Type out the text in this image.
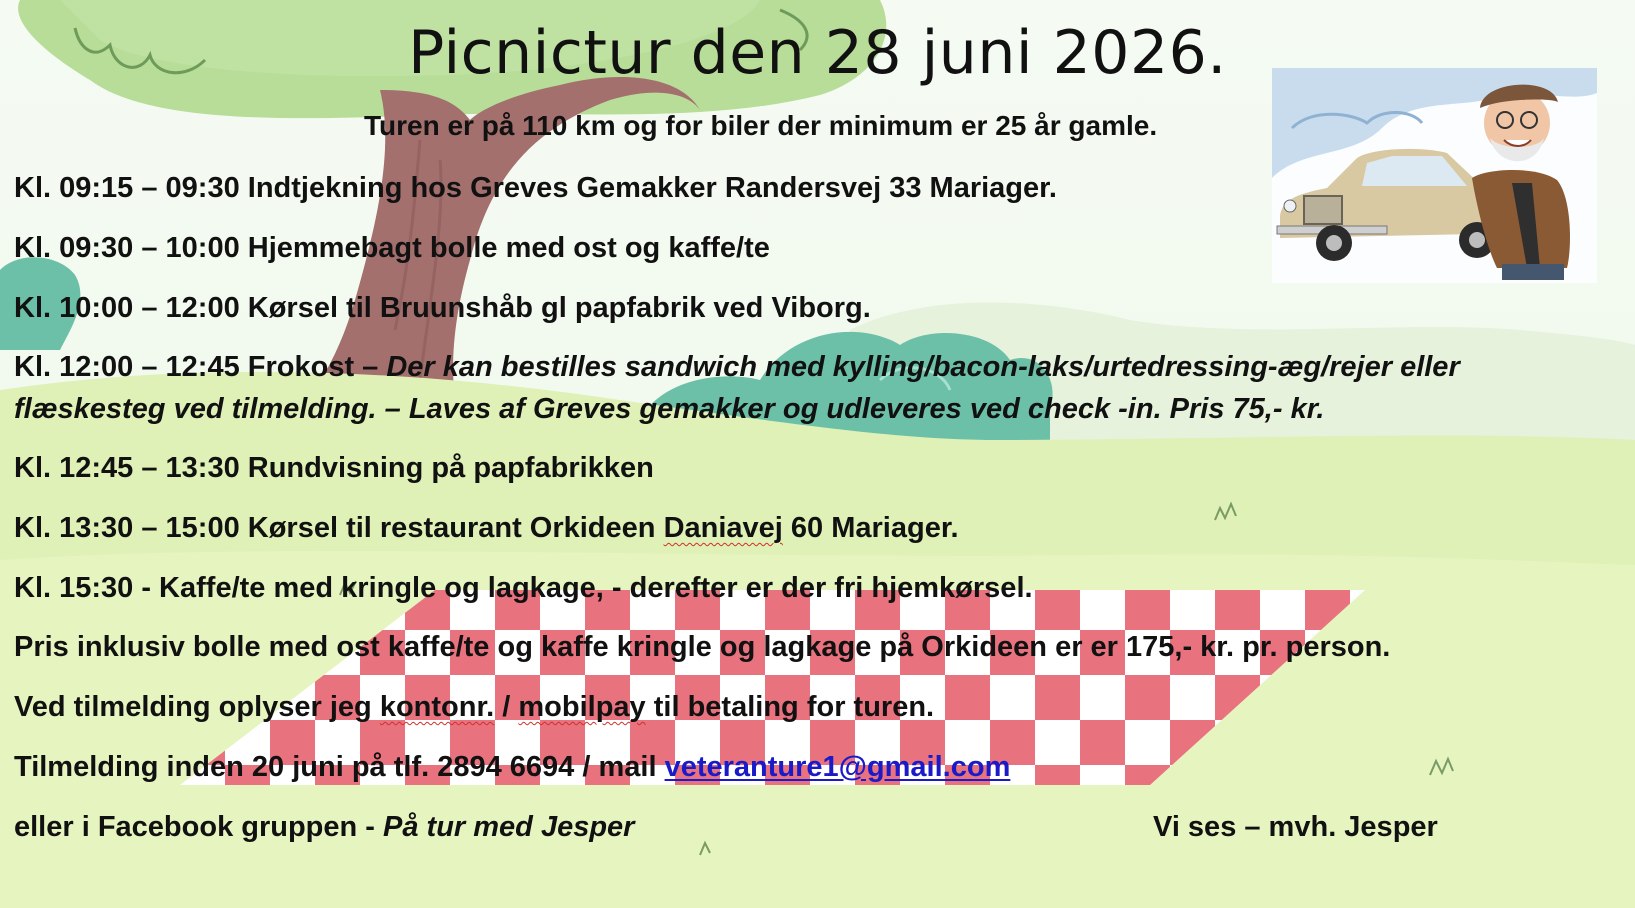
Picnictur den 28 juni 2026.
Turen er på 110 km og for biler der minimum er 25 år gamle.
Kl. 09:15 – 09:30 Indtjekning hos Greves Gemakker Randersvej 33 Mariager.
Kl. 09:30 – 10:00 Hjemmebagt bolle med ost og kaffe/te
Kl. 10:00 – 12:00 Kørsel til Bruunshåb gl papfabrik ved Viborg.
Kl. 12:00 – 12:45 Frokost – Der kan bestilles sandwich med kylling/bacon-laks/urtedressing-æg/rejer eller
flæskesteg ved tilmelding. – Laves af Greves gemakker og udleveres ved check -in. Pris 75,- kr.
Kl. 12:45 – 13:30 Rundvisning på papfabrikken
Kl. 13:30 – 15:00 Kørsel til restaurant Orkideen Daniavej 60 Mariager.
Kl. 15:30 - Kaffe/te med kringle og lagkage, - derefter er der fri hjemkørsel.
Pris inklusiv bolle med ost kaffe/te og kaffe kringle og lagkage på Orkideen er er 175,- kr. pr. person.
Ved tilmelding oplyser jeg kontonr. / mobilpay til betaling for turen.
Tilmelding inden 20 juni på tlf. 2894 6694 / mail veteranture1@gmail.com
eller i Facebook gruppen - På tur med Jesper	Vi ses – mvh. Jesper
